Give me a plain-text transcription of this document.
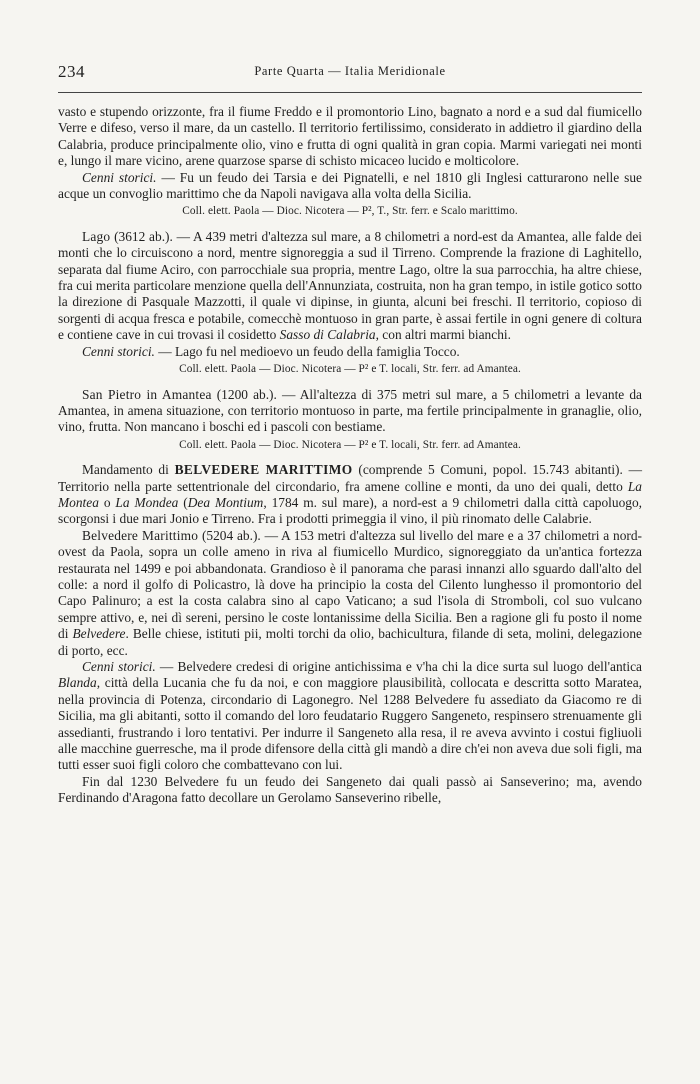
234	Parte Quarta — Italia Meridionale

vasto e stupendo orizzonte, fra il fiume Freddo e il promontorio Lino, bagnato a nord e a sud dal fiumicello Verre e difeso, verso il mare, da un castello. Il territorio fertilissimo, considerato in addietro il giardino della Calabria, produce principalmente olio, vino e frutta di ogni qualità in gran copia. Marmi variegati nei monti e, lungo il mare vicino, arene quarzose sparse di schisto micaceo lucido e molticolore.

Cenni storici. — Fu un feudo dei Tarsia e dei Pignatelli, e nel 1810 gli Inglesi catturarono nelle sue acque un convoglio marittimo che da Napoli navigava alla volta della Sicilia.

Coll. elett. Paola — Dioc. Nicotera — P², T., Str. ferr. e Scalo marittimo.

Lago (3612 ab.). — A 439 metri d'altezza sul mare, a 8 chilometri a nord-est da Amantea, alle falde dei monti che lo circuiscono a nord, mentre signoreggia a sud il Tirreno. Comprende la frazione di Laghitello, separata dal fiume Aciro, con parrocchiale sua propria, mentre Lago, oltre la sua parrocchia, ha altre chiese, fra cui merita particolare menzione quella dell'Annunziata, costruita, non ha gran tempo, in istile gotico sotto la direzione di Pasquale Mazzotti, il quale vi dipinse, in giunta, alcuni bei freschi. Il territorio, copioso di sorgenti di acqua fresca e potabile, comecchè montuoso in gran parte, è assai fertile in ogni genere di coltura e contiene cave in cui trovasi il cosidetto Sasso di Calabria, con altri marmi bianchi.

Cenni storici. — Lago fu nel medioevo un feudo della famiglia Tocco.

Coll. elett. Paola — Dioc. Nicotera — P² e T. locali, Str. ferr. ad Amantea.

San Pietro in Amantea (1200 ab.). — All'altezza di 375 metri sul mare, a 5 chilometri a levante da Amantea, in amena situazione, con territorio montuoso in parte, ma fertile principalmente in granaglie, olio, vino, frutta. Non mancano i boschi ed i pascoli con bestiame.

Coll. elett. Paola — Dioc. Nicotera — P² e T. locali, Str. ferr. ad Amantea.

Mandamento di BELVEDERE MARITTIMO (comprende 5 Comuni, popol. 15.743 abitanti). — Territorio nella parte settentrionale del circondario, fra amene colline e monti, da uno dei quali, detto La Montea o La Mondea (Dea Montium, 1784 m. sul mare), a nord-est a 9 chilometri dalla città capoluogo, scorgonsi i due mari Jonio e Tirreno. Fra i prodotti primeggia il vino, il più rinomato delle Calabrie.

Belvedere Marittimo (5204 ab.). — A 153 metri d'altezza sul livello del mare e a 37 chilometri a nord-ovest da Paola, sopra un colle ameno in riva al fiumicello Murdico, signoreggiato da un'antica fortezza restaurata nel 1499 e poi abbandonata. Grandioso è il panorama che parasi innanzi allo sguardo dall'alto del colle: a nord il golfo di Policastro, là dove ha principio la costa del Cilento lunghesso il promontorio del Capo Palinuro; a est la costa calabra sino al capo Vaticano; a sud l'isola di Stromboli, col suo vulcano sempre attivo, e, nei dì sereni, persino le coste lontanissime della Sicilia. Ben a ragione gli fu posto il nome di Belvedere. Belle chiese, istituti pii, molti torchi da olio, bachicultura, filande di seta, molini, delegazione di porto, ecc.

Cenni storici. — Belvedere credesi di origine antichissima e v'ha chi la dice surta sul luogo dell'antica Blanda, città della Lucania che fu da noi, e con maggiore plausibilità, collocata e descritta sotto Maratea, nella provincia di Potenza, circondario di Lagonegro. Nel 1288 Belvedere fu assediato da Giacomo re di Sicilia, ma gli abitanti, sotto il comando del loro feudatario Ruggero Sangeneto, respinsero strenuamente gli assedianti, frustrando i loro tentativi. Per indurre il Sangeneto alla resa, il re aveva avvinto i costui figliuoli alle macchine guerresche, ma il prode difensore della città gli mandò a dire ch'ei non aveva due soli figli, ma tutti esser suoi figli coloro che combattevano con lui.

Fin dal 1230 Belvedere fu un feudo dei Sangeneto dai quali passò ai Sanseverino; ma, avendo Ferdinando d'Aragona fatto decollare un Gerolamo Sanseverino ribelle,
